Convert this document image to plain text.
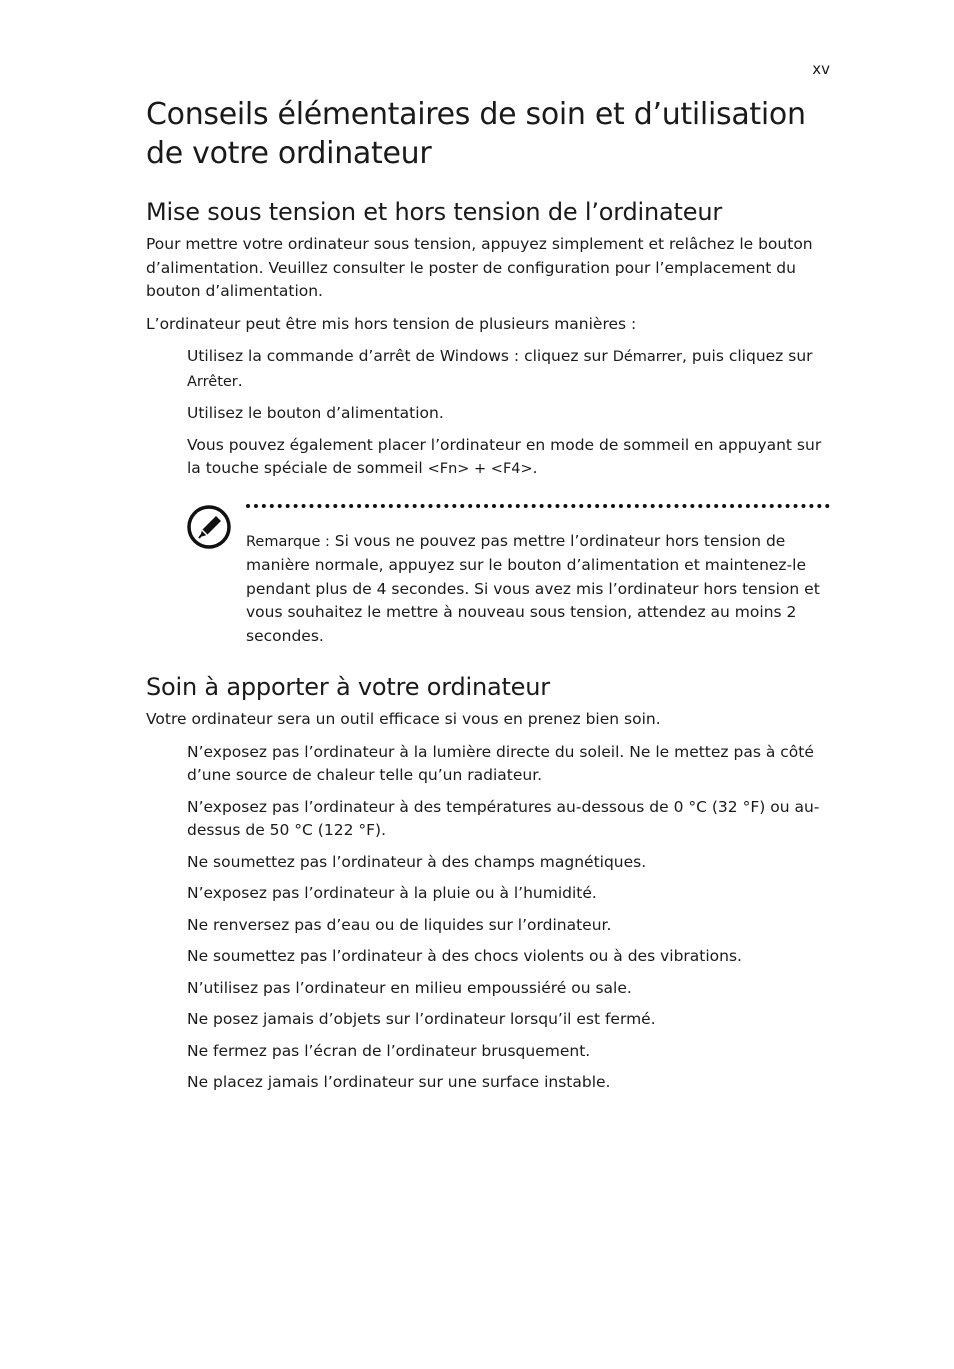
xv
Conseils élémentaires de soin et d’utilisation de votre ordinateur
Mise sous tension et hors tension de l’ordinateur

Pour mettre votre ordinateur sous tension, appuyez simplement et relâchez le bouton d’alimentation. Veuillez consulter le poster de configuration pour l’emplacement du bouton d’alimentation.

L’ordinateur peut être mis hors tension de plusieurs manières :

Utilisez la commande d’arrêt de Windows : cliquez sur Démarrer, puis cliquez sur Arrêter.
Utilisez le bouton d’alimentation.
Vous pouvez également placer l’ordinateur en mode de sommeil en appuyant sur la touche spéciale de sommeil <Fn> + <F4>.

Remarque : Si vous ne pouvez pas mettre l’ordinateur hors tension de manière normale, appuyez sur le bouton d’alimentation et maintenez-le pendant plus de 4 secondes. Si vous avez mis l’ordinateur hors tension et vous souhaitez le mettre à nouveau sous tension, attendez au moins 2 secondes.

Soin à apporter à votre ordinateur

Votre ordinateur sera un outil efficace si vous en prenez bien soin.

N’exposez pas l’ordinateur à la lumière directe du soleil. Ne le mettez pas à côté d’une source de chaleur telle qu’un radiateur.
N’exposez pas l’ordinateur à des températures au-dessous de 0 °C (32 °F) ou au-dessus de 50 °C (122 °F).
Ne soumettez pas l’ordinateur à des champs magnétiques.
N’exposez pas l’ordinateur à la pluie ou à l’humidité.
Ne renversez pas d’eau ou de liquides sur l’ordinateur.
Ne soumettez pas l’ordinateur à des chocs violents ou à des vibrations.
N’utilisez pas l’ordinateur en milieu empoussiéré ou sale.
Ne posez jamais d’objets sur l’ordinateur lorsqu’il est fermé.
Ne fermez pas l’écran de l’ordinateur brusquement.
Ne placez jamais l’ordinateur sur une surface instable.
